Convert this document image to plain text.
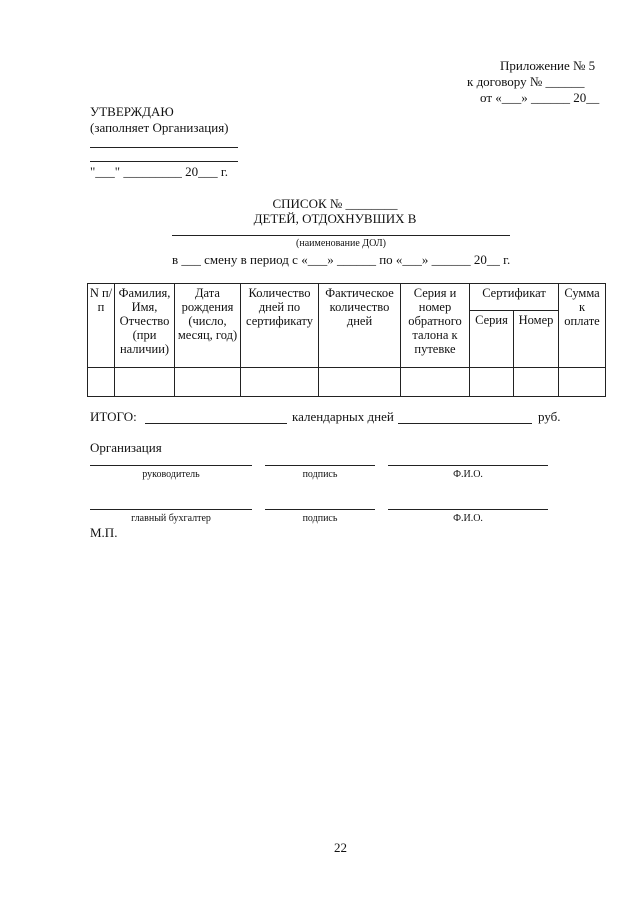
Приложение № 5
к договору № ______
от «___» ______ 20__
УТВЕРЖДАЮ
(заполняет Организация)
"___" _________ 20___ г.
СПИСОК № ________
ДЕТЕЙ, ОТДОХНУВШИХ В
(наименование ДОЛ)
в ___ смену в период с «___» ______ по «___» ______ 20__ г.
N п/п	Фамилия, Имя, Отчество (при наличии)	Дата рождения (число, месяц, год)	Количество дней по сертификату	Фактическое количество дней	Серия и номер обратного талона к путевке	Сертификат		Сумма к оплате
						Серия	Номер	

ИТОГО:	календарных дней	руб.
Организация
руководитель	подпись	Ф.И.О.
главный бухгалтер	подпись	Ф.И.О.
М.П.
22
